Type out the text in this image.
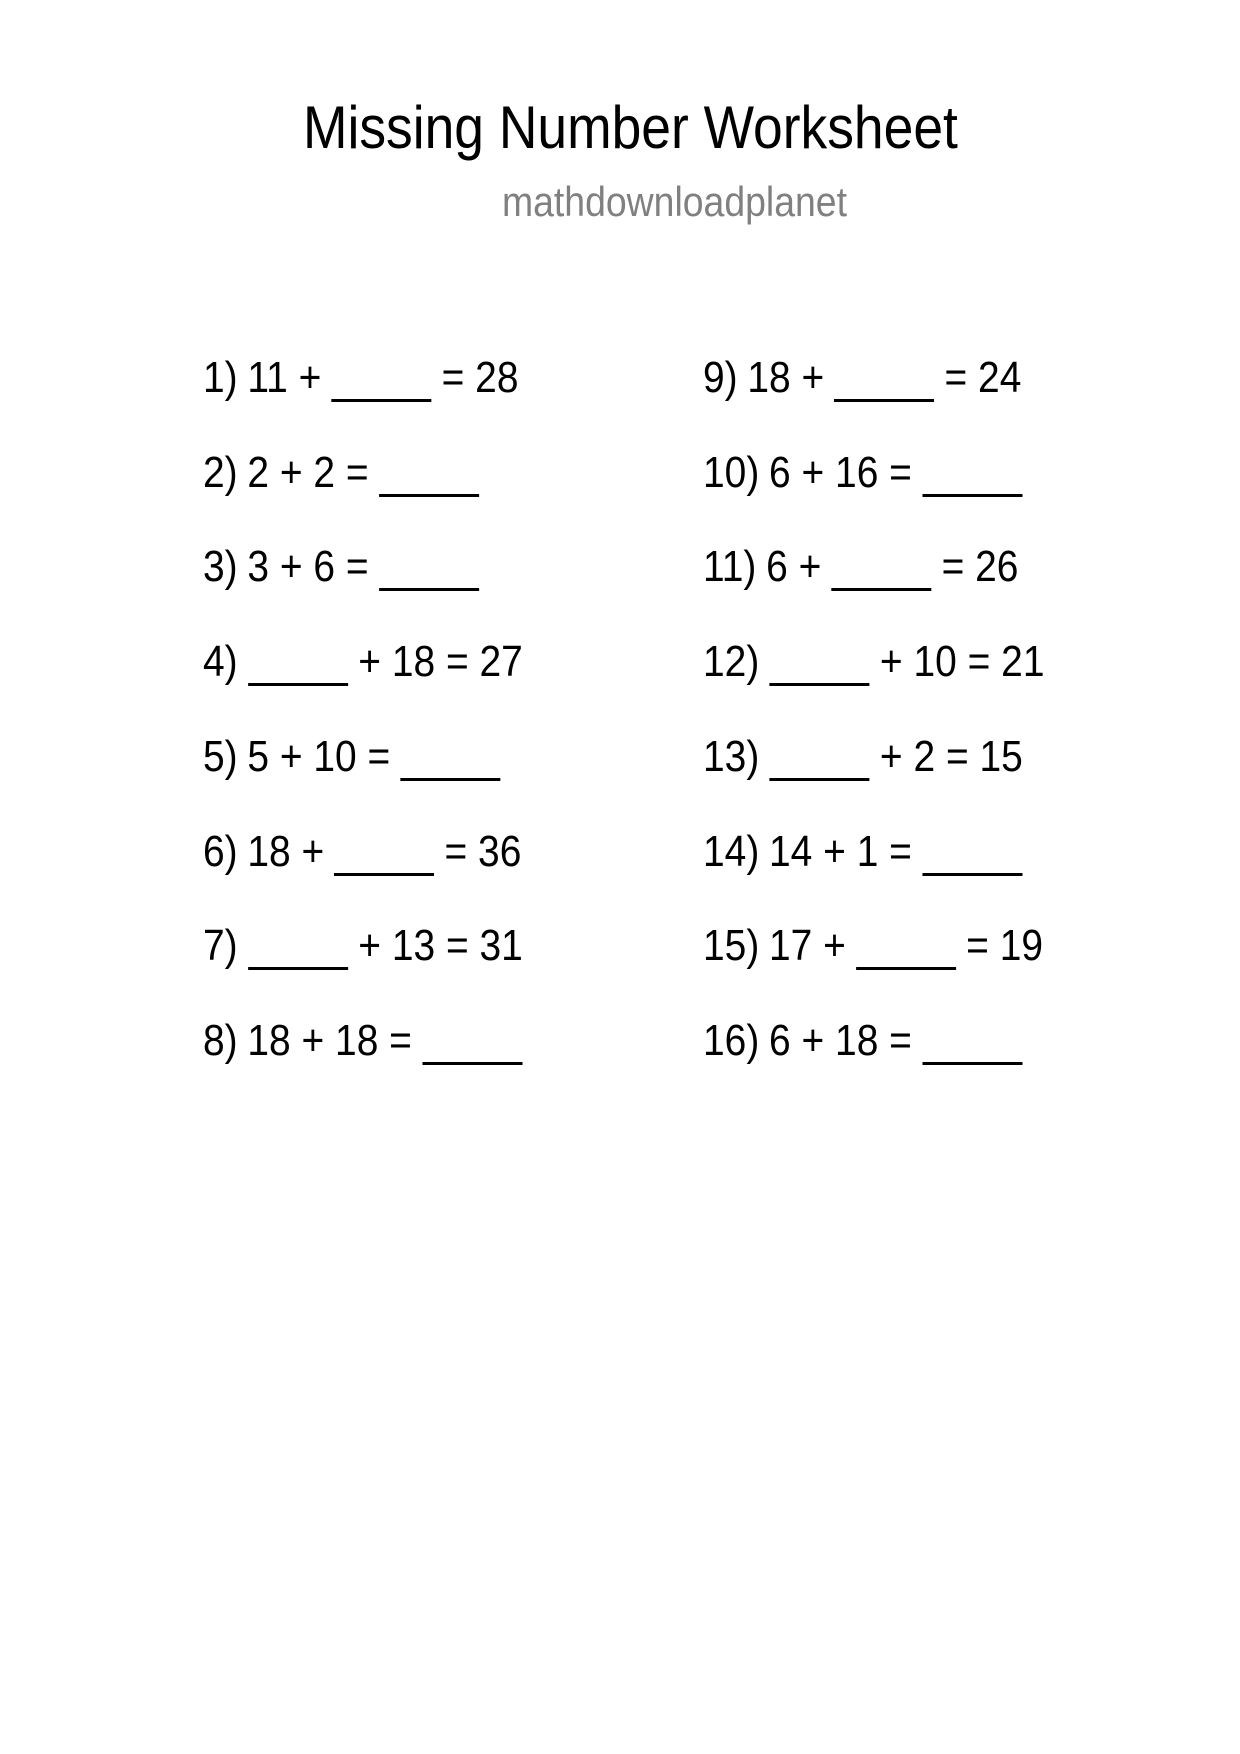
Missing Number Worksheet
mathdownloadplanet
1) 11 +	= 28
2) 2 + 2 =
3) 3 + 6 =
4)	+ 18 = 27
5) 5 + 10 =
6) 18 +	= 36
7)	+ 13 = 31
8) 18 + 18 =
9) 18 +	= 24
10) 6 + 16 =
11) 6 +	= 26
12)	+ 10 = 21
13)	+ 2 = 15
14) 14 + 1 =
15) 17 +	= 19
16) 6 + 18 =
